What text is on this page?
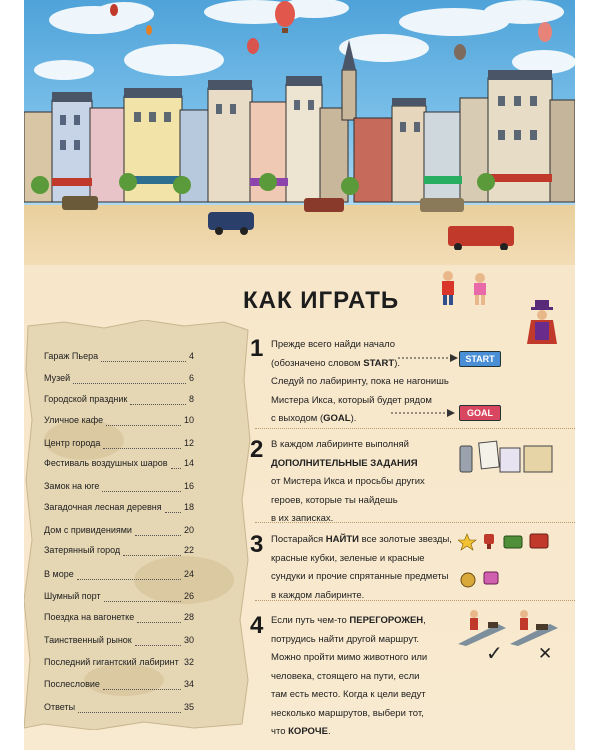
КАК ИГРАТЬ
Гараж Пьера	4
Музей	6
Городской праздник	8
Уличное кафе	10
Центр города	12
Фестиваль воздушных шаров 14
Замок на юге	16
Загадочная лесная деревня 18
Дом с привидениями	20
Затерянный город	22
В море	24
Шумный порт	26
Поездка на вагонетке	28
Таинственный рынок	30
Последний гигантский лабиринт 32
Послесловие	34
Ответы	35
1 Прежде всего найди начало
(обозначено словом START).
Следуй по лабиринту, пока не нагонишь
Мистера Икса, который будет рядом
с выходом (GOAL).
START
GOAL
2 В каждом лабиринте выполняй
ДОПОЛНИТЕЛЬНЫЕ ЗАДАНИЯ
от Мистера Икса и просьбы других
героев, которые ты найдешь
в их записках.
3 Постарайся НАЙТИ все золотые звезды,
красные кубки, зеленые и красные
сундуки и прочие спрятанные предметы
в каждом лабиринте.
4 Если путь чем-то ПЕРЕГОРОЖЕН,
потрудись найти другой маршрут.
Можно пройти мимо животного или
человека, стоящего на пути, если
там есть место. Когда к цели ведут
несколько маршрутов, выбери тот,
что КОРОЧЕ.
✓ ✕
